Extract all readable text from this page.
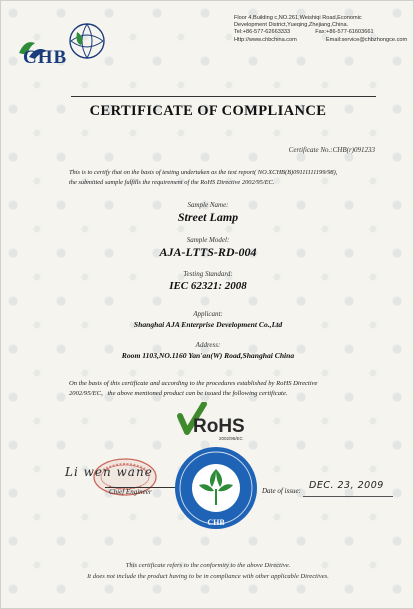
CHB
Floor 4,Building c,NO.261,Weishiqi Road,Economic
Development District,Yueqing,Zhejiang,China.
Tel:+86-577-62663333	Fax:+86-577-61603661
Http://www.chbchina.com	Email:service@chbzhongce.com
CERTIFICATE OF COMPLIANCE
Certificate No.:CHB(r)091233
This is to certify that on the basis of testing undertaken as the test report( NO.XCHB(B)09111111199/98),
the submitted sample fulfills the requirement of the RoHS Directive 2002/95/EC.
Sample Name:
Street Lamp
Sample Model:
AJA-LTTS-RD-004
Testing Standard:
IEC 62321: 2008
Applicant:
Shanghai AJA Enterprise Development Co.,Ltd
Address:
Room 1103,NO.1160 Yan'an(W) Road,Shanghai China
On the basis of this certificate and according to the procedures established by RoHS Directive
2002/95/EC，the above mentioned product can be issued the following certificate.
RoHS
2002/95/EC
Li wen wane
Chief Engineer
CHB
Date of issue: DEC. 23, 2009
This certificate refers to the conformity to the above Directive.
It does not include the product having to be in compliance with other applicable Directives.
